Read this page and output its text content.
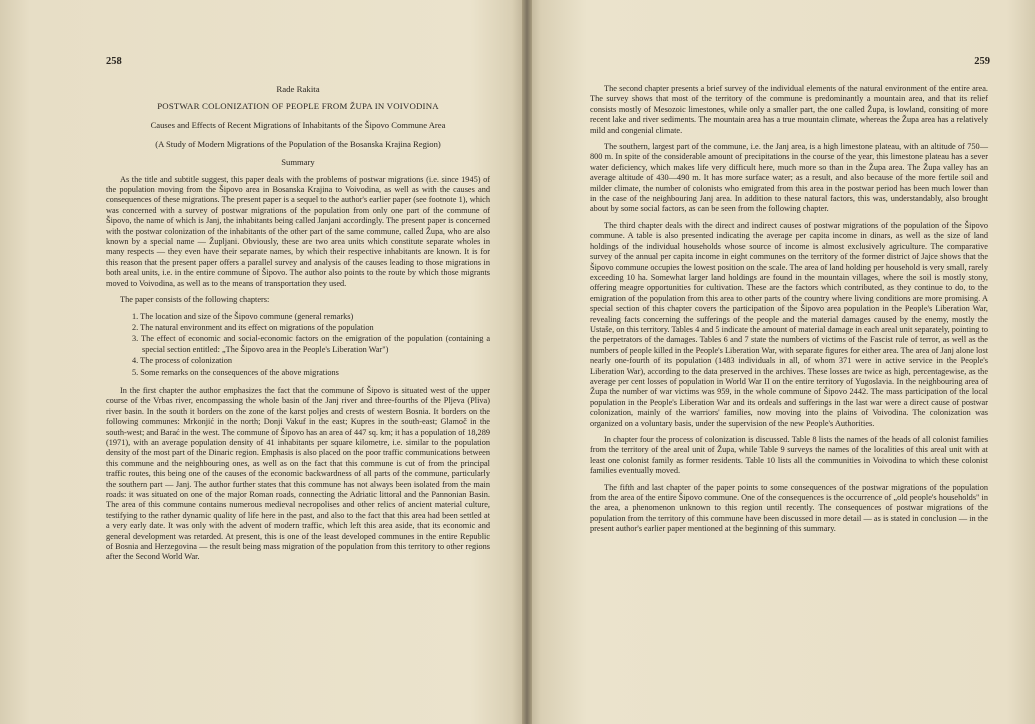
258
Rade Rakita
POSTWAR COLONIZATION OF PEOPLE FROM ŽUPA IN VOIVODINA
Causes and Effects of Recent Migrations of Inhabitants of the Šipovo Commune Area
(A Study of Modern Migrations of the Population of the Bosanska Krajina Region)
Summary

As the title and subtitle suggest, this paper deals with the problems of postwar migrations (i.e. since 1945) of the population moving from the Šipovo area in Bosanska Krajina to Voivodina, as well as with the causes and consequences of these migrations. The present paper is a sequel to the author's earlier paper (see footnote 1), which was concerned with a survey of postwar migrations of the population from only one part of the commune of Šipovo, the name of which is Janj, the inhabitants being called Janjani accordingly. The present paper is concerned with the postwar colonization of the inhabitants of the other part of the same commune, called Župa, who are also known by a special name — Župljani. Obviously, these are two area units which constitute separate wholes in many respects — they even have their separate names, by which their respective inhabitants are known. It is for this reason that the present paper offers a parallel survey and analysis of the causes leading to those migrations in both areal units, i.e. in the entire commune of Šipovo. The author also points to the route by which those migrants moved to Voivodina, as well as to the means of transportation they used.

The paper consists of the following chapters:

1. The location and size of the Šipovo commune (general remarks)
2. The natural environment and its effect on migrations of the population
3. The effect of economic and social-economic factors on the emigration of the population (containing a special section entitled: „The Šipovo area in the People's Liberation War")
4. The process of colonization
5. Some remarks on the consequences of the above migrations

In the first chapter the author emphasizes the fact that the commune of Šipovo is situated west of the upper course of the Vrbas river, encompassing the whole basin of the Janj river and three-fourths of the Pljeva (Pliva) river basin. In the south it borders on the zone of the karst poljes and crests of western Bosnia. It borders on the following communes: Mrkonjić in the north; Donji Vakuf in the east; Kupres in the south-east; Glamoč in the south-west; and Barać in the west. The commune of Šipovo has an area of 447 sq. km; it has a population of 18,289 (1971), with an average population density of 41 inhabitants per square kilometre, i.e. similar to the population density of the most part of the Dinaric region. Emphasis is also placed on the poor traffic communications between this commune and the neighbouring ones, as well as on the fact that this commune is cut of from the principal traffic routes, this being one of the causes of the economic backwardness of all parts of the commune, particularly the southern part — Janj. The author further states that this commune has not always been isolated from the main roads: it was situated on one of the major Roman roads, connecting the Adriatic littoral and the Pannonian Basin. The area of this commune contains numerous medieval necropolises and other relics of ancient material culture, testifying to the rather dynamic quality of life here in the past, and also to the fact that this area had been settled at a very early date. It was only with the advent of modern traffic, which left this area aside, that its economic and general development was retarded. At present, this is one of the least developed communes in the entire Republic of Bosnia and Herzegovina — the result being mass migration of the population from this territory to other regions after the Second World War.

259

The second chapter presents a brief survey of the individual elements of the natural environment of the entire area. The survey shows that most of the territory of the commune is predominantly a mountain area, and that its relief consists mostly of Mesozoic limestones, while only a smaller part, the one called Župa, is lowland, consiting of more recent lake and river sediments. The mountain area has a true mountain climate, whereas the Župa area has a relatively mild and congenial climate.

The southern, largest part of the commune, i.e. the Janj area, is a high limestone plateau, with an altitude of 750—800 m. In spite of the considerable amount of precipitations in the course of the year, this limestone plateau has a sever water deficiency, which makes life very difficult here, much more so than in the Župa area. The Župa valley has an average altitude of 430—490 m. It has more surface water; as a result, and also because of the more fertile soil and milder climate, the number of colonists who emigrated from this area in the postwar period has been much lower than in the case of the neighbouring Janj area. In addition to these natural factors, this was, understandably, also brought about by some social factors, as can be seen from the following chapter.

The third chapter deals with the direct and indirect causes of postwar migrations of the population of the Šipovo commune. A table is also presented indicating the average per capita income in dinars, as well as the size of land holdings of the individual households whose source of income is almost exclusively agriculture. The comparative survey of the annual per capita income in eight communes on the territory of the former district of Jajce shows that the Šipovo commune occupies the lowest position on the scale. The area of land holding per household is very small, rarely exceeding 10 ha. Somewhat larger land holdings are found in the mountain villages, where the soil is mostly stony, offering meagre opportunities for cultivation. These are the factors which contributed, as they continue to do, to the emigration of the population from this area to other parts of the country where living conditions are more promising. A special section of this chapter covers the participation of the Šipovo area population in the People's Liberation War, revealing facts concerning the sufferings of the people and the material damages caused by the enemy, mostly the Ustaše, on this territory. Tables 4 and 5 indicate the amount of material damage in each areal unit separately, pointing to the perpetrators of the damages. Tables 6 and 7 state the numbers of victims of the Fascist rule of terror, as well as the numbers of people killed in the People's Liberation War, with separate figures for either area. The area of Janj alone lost nearly one-fourth of its population (1483 individuals in all, of whom 371 were in active service in the People's Liberation War), according to the data preserved in the archives. These losses are twice as high, percentagewise, as the average per cent losses of population in World War II on the entire territory of Yugoslavia. In the neighbouring area of Župa the number of war victims was 959, in the whole commune of Šipovo 2442. The mass participation of the local population in the People's Liberation War and its ordeals and sufferings in the last war were a direct cause of postwar colonization, mainly of the warriors' families, now moving into the plains of Voivodina. The colonization was organized on a voluntary basis, under the supervision of the new People's Authorities.

In chapter four the process of colonization is discussed. Table 8 lists the names of the heads of all colonist families from the territory of the areal unit of Župa, while Table 9 surveys the names of the localities of this areal unit with at least one colonist family as former residents. Table 10 lists all the communities in Voivodina to which these colonist families eventually moved.

The fifth and last chapter of the paper points to some consequences of the postwar migrations of the population from the area of the entire Šipovo commune. One of the consequences is the occurrence of „old people's households" in the area, a phenomenon unknown to this region until recently. The consequences of postwar migrations of the population from the territory of this commune have been discussed in more detail — as is stated in conclusion — in the present author's earlier paper mentioned at the beginning of this summary.
